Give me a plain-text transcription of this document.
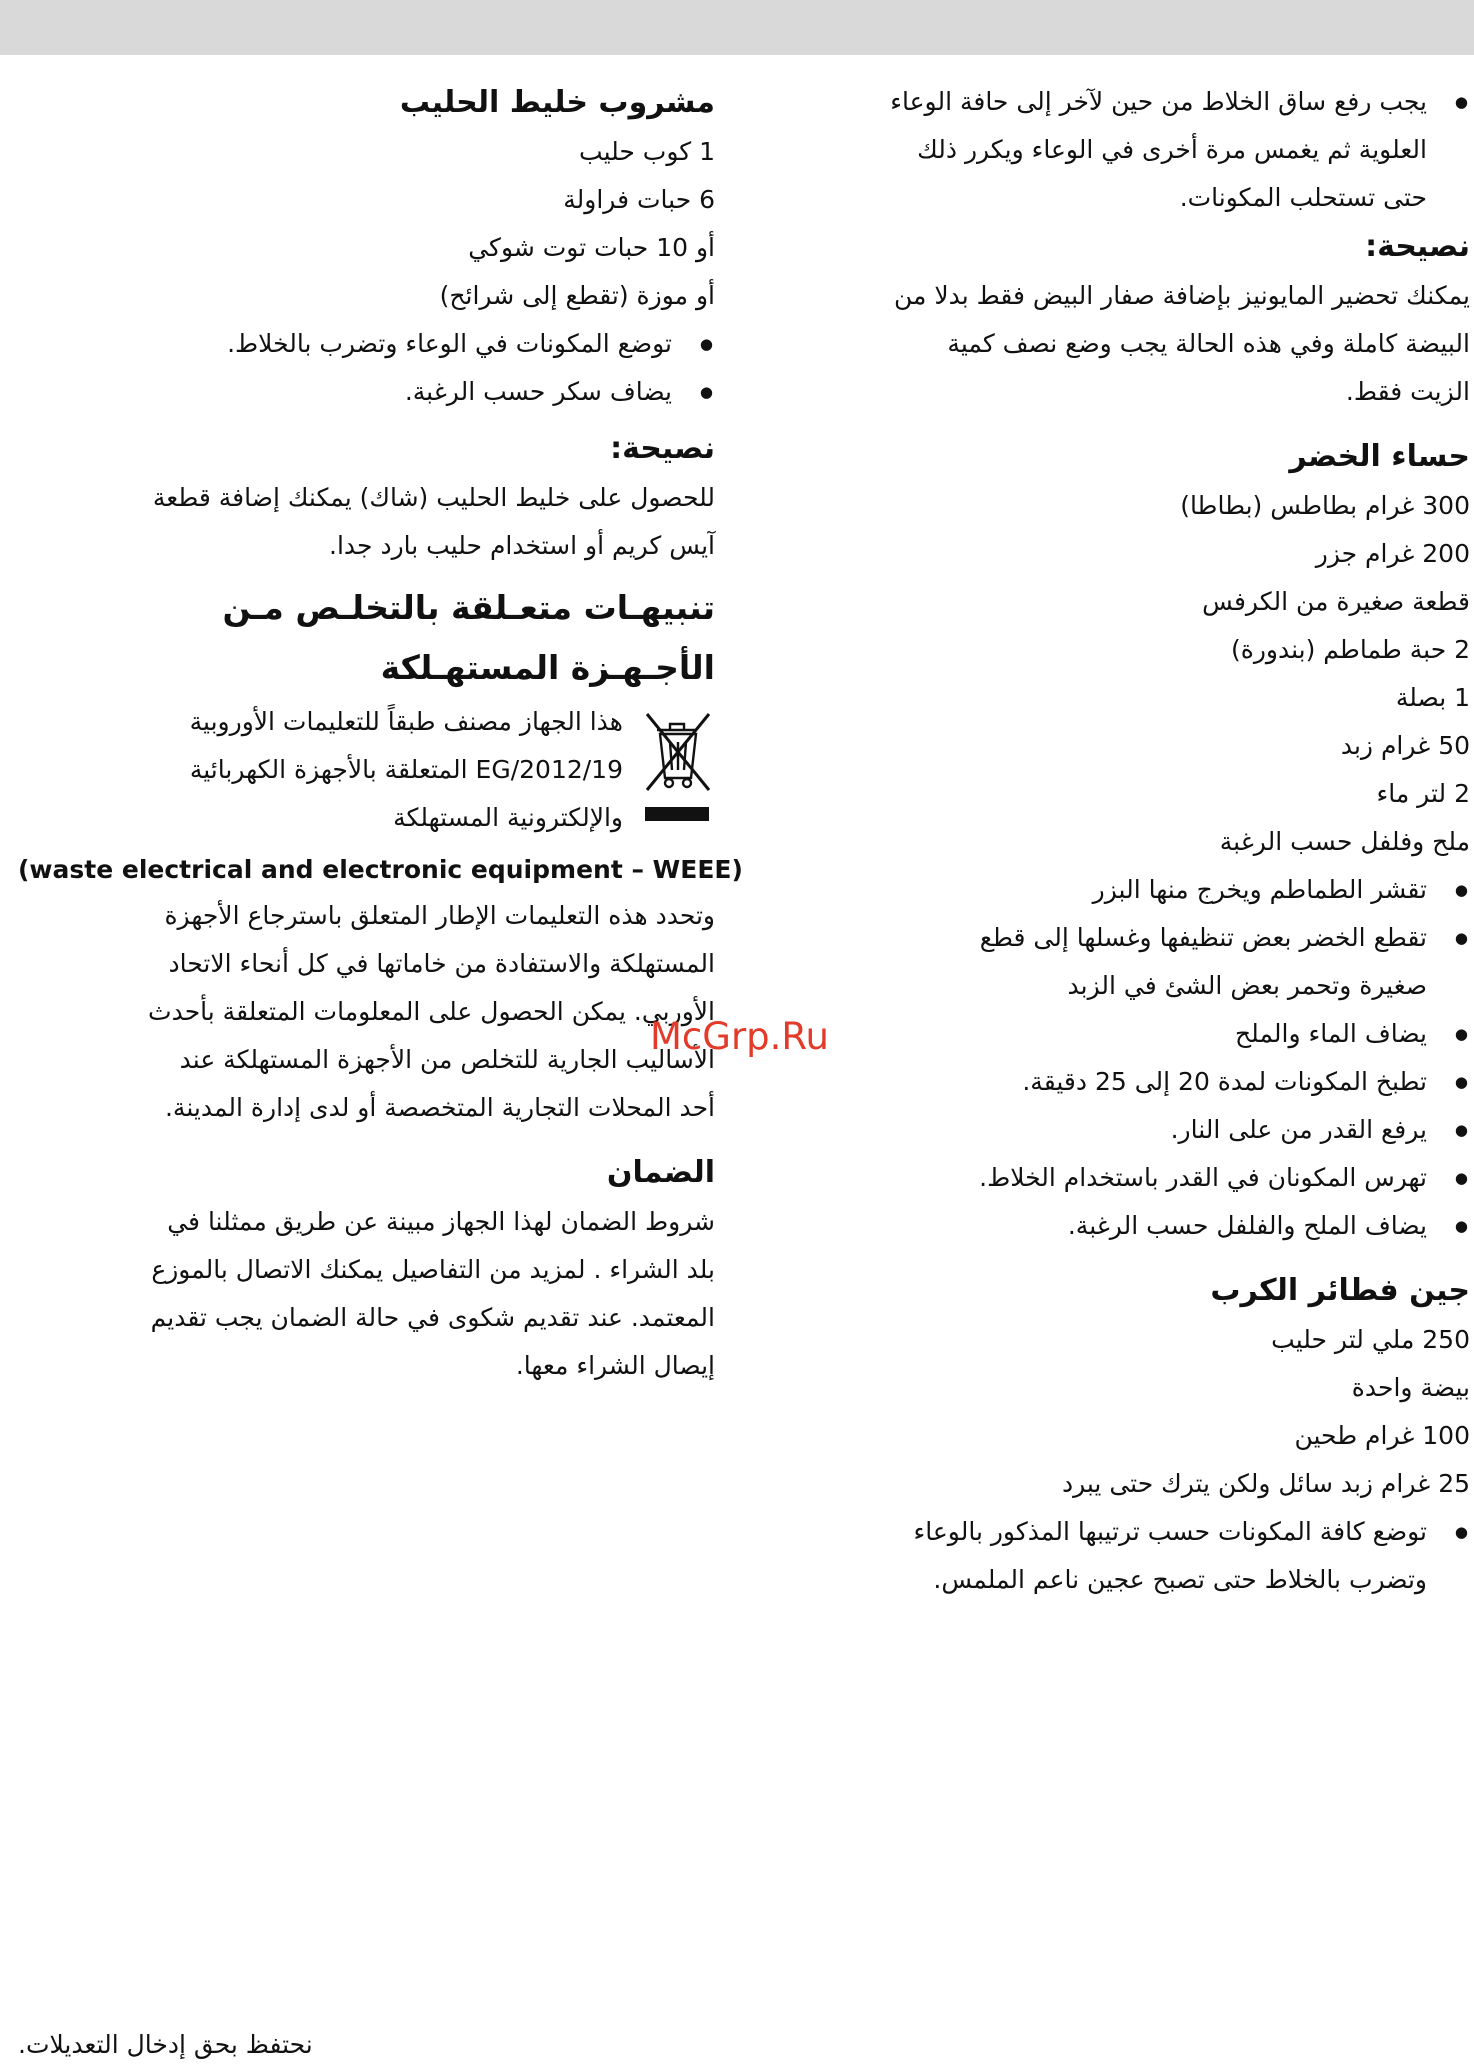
● يجب رفع ساق الخلاط من حين لآخر إلى حافة الوعاء
العلوية ثم يغمس مرة أخرى في الوعاء ويكرر ذلك
حتى تستحلب المكونات.

نصيحة:

يمكنك تحضير المايونيز بإضافة صفار البيض فقط بدلا من

البيضة كاملة وفي هذه الحالة يجب وضع نصف كمية

الزيت فقط.

حساء الخضر

300 غرام بطاطس (بطاطا)

200 غرام جزر

قطعة صغيرة من الكرفس

2 حبة طماطم (بندورة)

1 بصلة

50 غرام زبد

2 لتر ماء

ملح وفلفل حسب الرغبة

● تقشر الطماطم ويخرج منها البزر
● تقطع الخضر بعض تنظيفها وغسلها إلى قطع
صغيرة وتحمر بعض الشئ في الزبد
● يضاف الماء والملح
● تطبخ المكونات لمدة 20 إلى 25 دقيقة.
● يرفع القدر من على النار.
● تهرس المكونان في القدر باستخدام الخلاط.
● يضاف الملح والفلفل حسب الرغبة.

جين فطائر الكرب

250 ملي لتر حليب

بيضة واحدة

100 غرام طحين

25 غرام زبد سائل ولكن يترك حتى يبرد

● توضع كافة المكونات حسب ترتيبها المذكور بالوعاء
وتضرب بالخلاط حتى تصبح عجين ناعم الملمس.

مشروب خليط الحليب

1 كوب حليب

6 حبات فراولة

أو 10 حبات توت شوكي

أو موزة (تقطع إلى شرائح)

● توضع المكونات في الوعاء وتضرب بالخلاط.
● يضاف سكر حسب الرغبة.

نصيحة:

للحصول على خليط الحليب (شاك) يمكنك إضافة قطعة

آيس كريم أو استخدام حليب بارد جدا.

تنبيهـات متعـلقة بالتخلـص مـن

الأجـهـزة المستهـلكة

هذا الجهاز مصنف طبقاً للتعليمات الأوروبية

2012/19/EG المتعلقة بالأجهزة الكهربائية

والإلكترونية المستهلكة

(waste electrical and electronic equipment – WEEE)

وتحدد هذه التعليمات الإطار المتعلق باسترجاع الأجهزة

المستهلكة والاستفادة من خاماتها في كل أنحاء الاتحاد

الأوربي. يمكن الحصول على المعلومات المتعلقة بأحدث

الأساليب الجارية للتخلص من الأجهزة المستهلكة عند

أحد المحلات التجارية المتخصصة أو لدى إدارة المدينة.

الضمان

شروط الضمان لهذا الجهاز مبينة عن طريق ممثلنا في

بلد الشراء . لمزيد من التفاصيل يمكنك الاتصال بالموزع

المعتمد. عند تقديم شكوى في حالة الضمان يجب تقديم

إيصال الشراء معها.

McGrp.Ru
نحتفظ بحق إدخال التعديلات.
